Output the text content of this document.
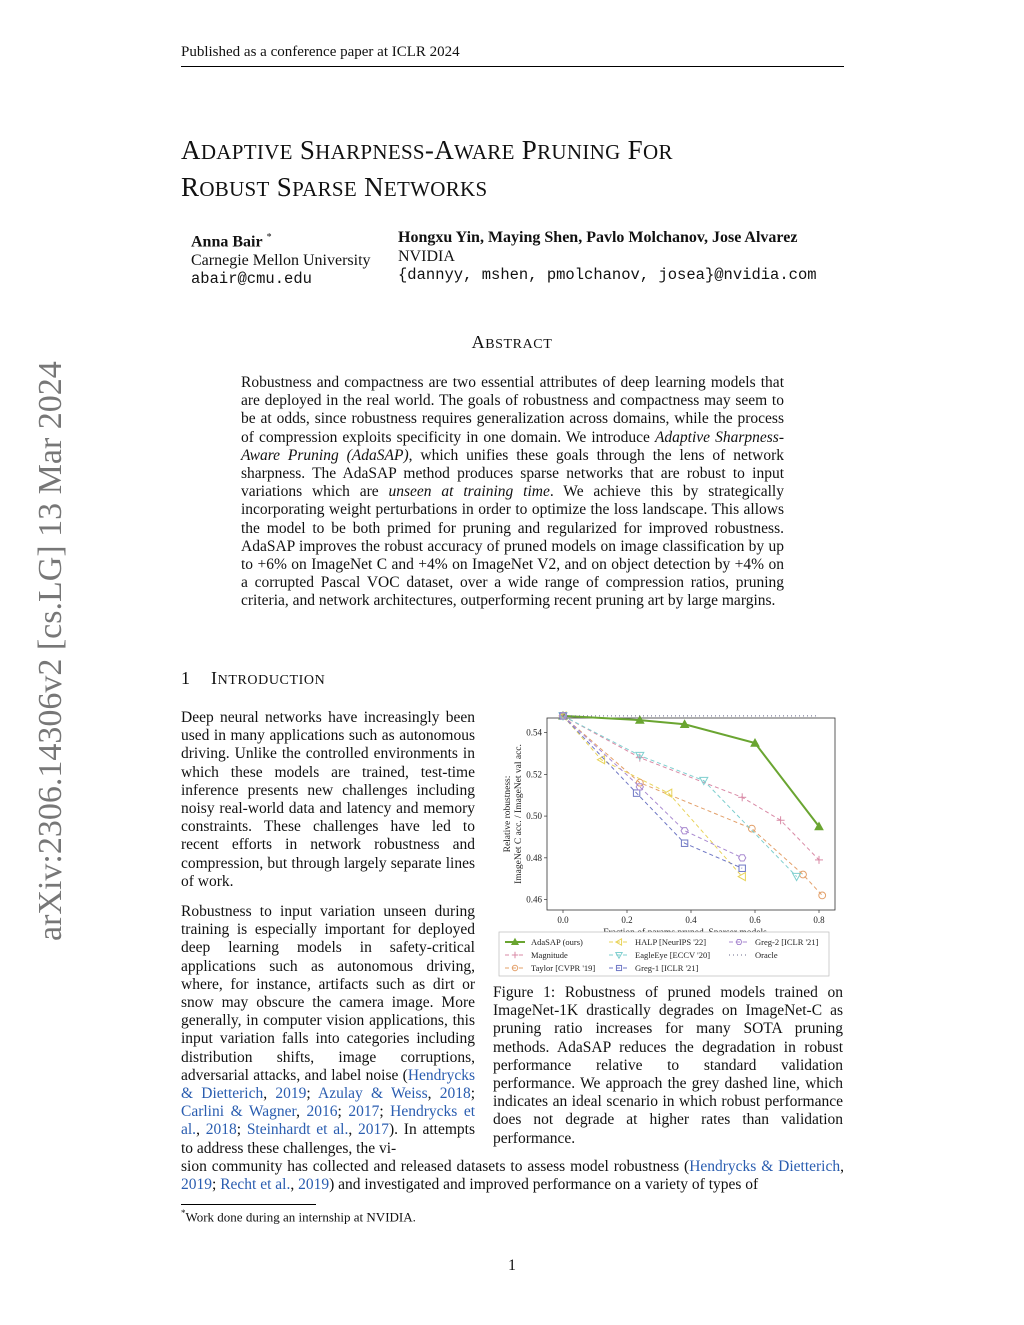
Published as a conference paper at ICLR 2024
arXiv:2306.14306v2 [cs.LG] 13 Mar 2024
ADAPTIVE SHARPNESS-AWARE PRUNING FOR
ROBUST SPARSE NETWORKS
Anna Bair *
Carnegie Mellon University
abair@cmu.edu
Hongxu Yin, Maying Shen, Pavlo Molchanov, Jose Alvarez
NVIDIA
{dannyy, mshen, pmolchanov, josea}@nvidia.com
ABSTRACT
Robustness and compactness are two essential attributes of deep learning models that are deployed in the real world. The goals of robustness and compactness may seem to be at odds, since robustness requires generalization across domains, while the process of compression exploits specificity in one domain. We introduce Adaptive Sharpness-Aware Pruning (AdaSAP), which unifies these goals through the lens of network sharpness. The AdaSAP method produces sparse networks that are robust to input variations which are unseen at training time. We achieve this by strategically incorporating weight perturbations in order to optimize the loss landscape. This allows the model to be both primed for pruning and regularized for improved robustness. AdaSAP improves the robust accuracy of pruned models on image classification by up to +6% on ImageNet C and +4% on ImageNet V2, and on object detection by +4% on a corrupted Pascal VOC dataset, over a wide range of compression ratios, pruning criteria, and network architectures, outperforming recent pruning art by large margins.
1 INTRODUCTION
Deep neural networks have increasingly been used in many applications such as autonomous driving. Unlike the controlled environments in which these models are trained, test-time inference presents new challenges including noisy real-world data and latency and memory constraints. These challenges have led to recent efforts in network robustness and compression, but through largely separate lines of work.
Robustness to input variation unseen during training is especially important for deployed deep learning models in safety-critical applications such as autonomous driving, where, for instance, artifacts such as dirt or snow may obscure the camera image. More generally, in computer vision applications, this input variation falls into categories including distribution shifts, image corruptions, adversarial attacks, and label noise (Hendrycks & Dietterich, 2019; Azulay & Weiss, 2018; Carlini & Wagner, 2016; 2017; Hendrycks et al., 2018; Steinhardt et al., 2017). In attempts to address these challenges, the vi-
sion community has collected and released datasets to assess model robustness (Hendrycks & Dietterich, 2019; Recht et al., 2019) and investigated and improved performance on a variety of types of
0.0	0.2	0.4	0.6	0.8
0.46
0.48
0.50
0.52
0.54
Relative robustness: ImageNet C acc. / ImageNet val acc.
AdaSAP (ours)
Magnitude
Taylor [CVPR '19]
HALP [NeurIPS '22]
EagleEye [ECCV '20]
Greg-1 [ICLR '21]
Greg-2 [ICLR '21]
Oracle
Figure 1: Robustness of pruned models trained on ImageNet-1K drastically degrades on ImageNet-C as pruning ratio increases for many SOTA pruning methods. AdaSAP reduces the degradation in robust performance relative to standard validation performance. We approach the grey dashed line, which indicates an ideal scenario in which robust performance does not degrade at higher rates than validation performance.
*Work done during an internship at NVIDIA.
1
